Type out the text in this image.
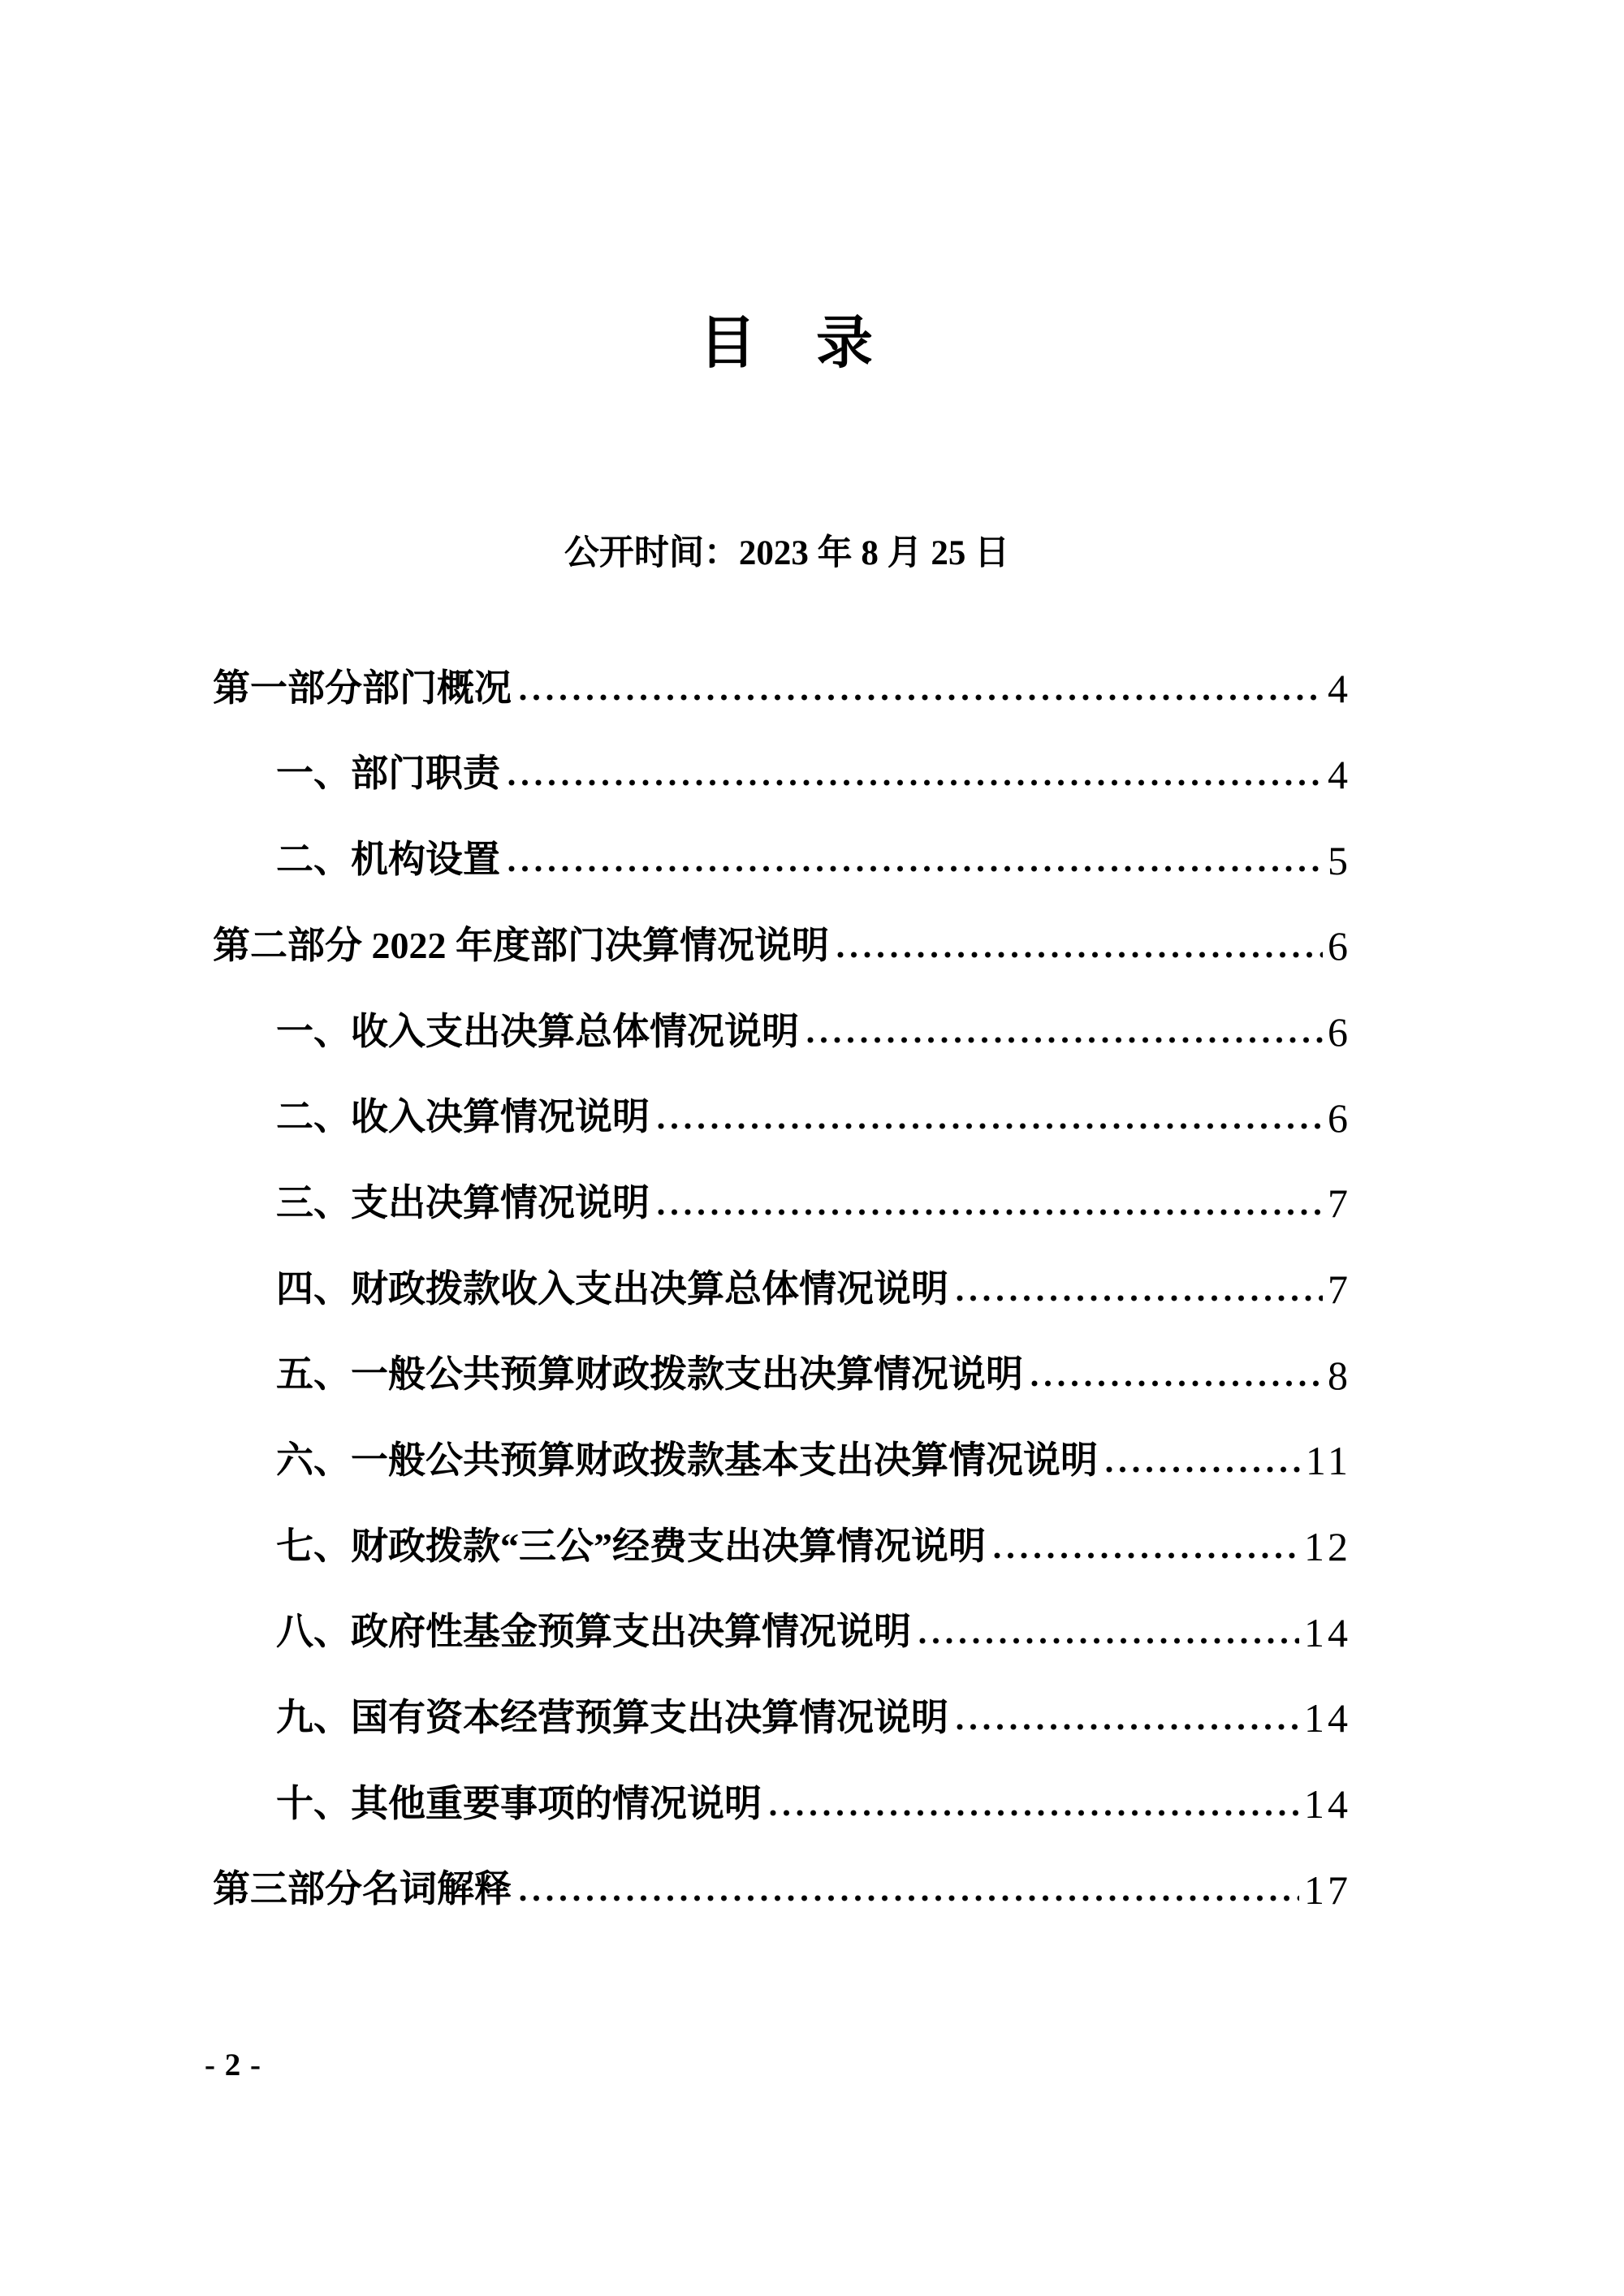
目　录
公开时间：2023 年 8 月 25 日
第一部分部门概况	4
一、部门职责	4
二、机构设置	5
第二部分 2022 年度部门决算情况说明	6
一、收入支出决算总体情况说明	6
二、收入决算情况说明	6
三、支出决算情况说明	7
四、财政拨款收入支出决算总体情况说明	7
五、一般公共预算财政拨款支出决算情况说明	8
六、一般公共预算财政拨款基本支出决算情况说明	11
七、财政拨款“三公”经费支出决算情况说明	12
八、政府性基金预算支出决算情况说明	14
九、国有资本经营预算支出决算情况说明	14
十、其他重要事项的情况说明	14
第三部分名词解释	17
- 2 -
